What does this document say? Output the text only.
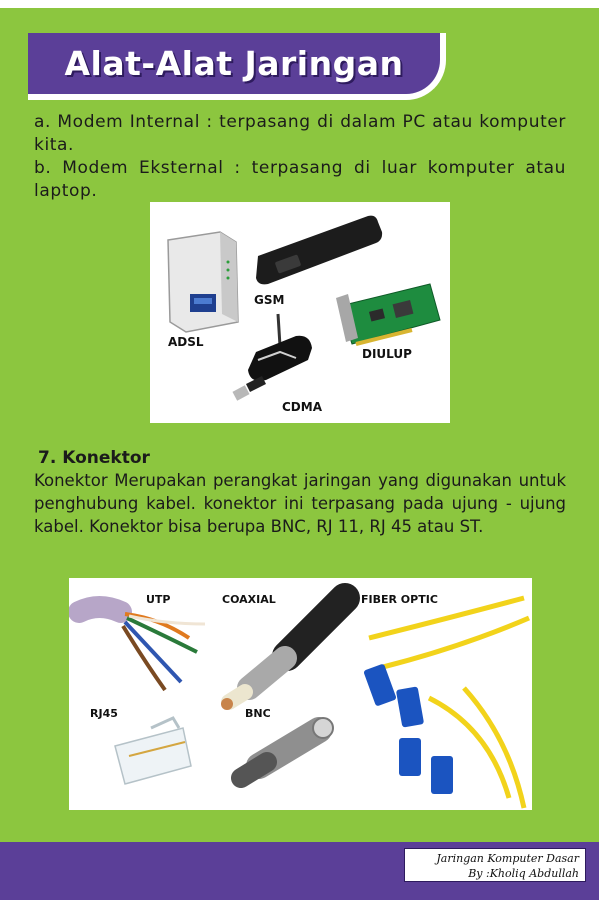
Alat-Alat Jaringan
a. Modem Internal : terpasang di dalam PC atau komputer kita.
b. Modem Eksternal : terpasang di luar komputer atau laptop.
GSM
ADSL
DIULUP
CDMA
7. Konektor
Konektor Merupakan perangkat jaringan yang digunakan untuk penghubung kabel. konektor ini terpasang pada ujung - ujung kabel. Konektor bisa berupa BNC, RJ 11, RJ 45 atau ST.
UTP	COAXIAL	FIBER OPTIC
RJ45	BNC
Jaringan Komputer Dasar
By :Kholiq Abdullah
